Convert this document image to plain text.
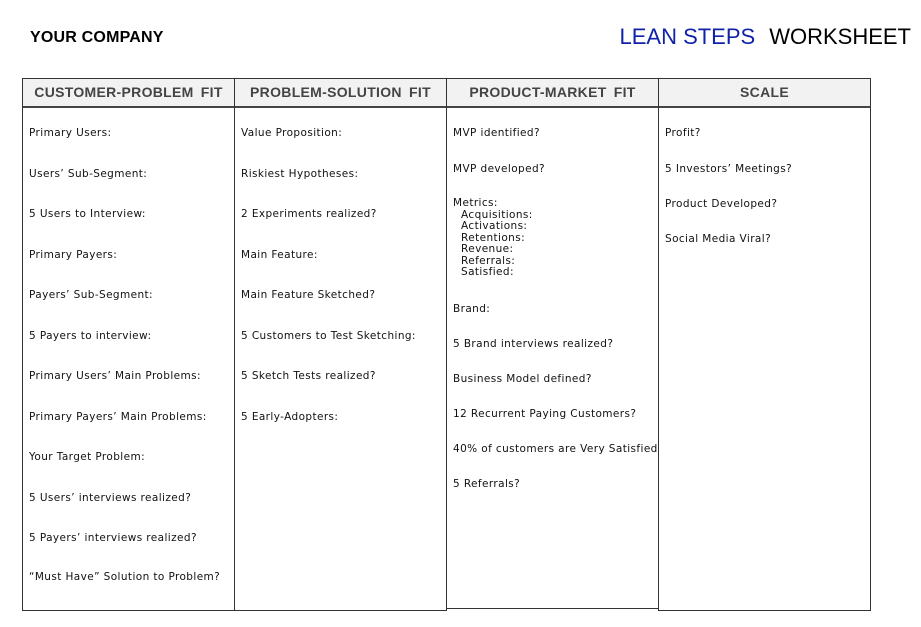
YOUR COMPANY	LEAN STEPS WORKSHEET
CUSTOMER-PROBLEM FIT
Primary Users:
Users’ Sub-Segment:
5 Users to Interview:
Primary Payers:
Payers’ Sub-Segment:
5 Payers to interview:
Primary Users’ Main Problems:
Primary Payers’ Main Problems:
Your Target Problem:
5 Users’ interviews realized?
5 Payers’ interviews realized?
“Must Have” Solution to Problem?
PROBLEM-SOLUTION FIT
Value Proposition:
Riskiest Hypotheses:
2 Experiments realized?
Main Feature:
Main Feature Sketched?
5 Customers to Test Sketching:
5 Sketch Tests realized?
5 Early-Adopters:
PRODUCT-MARKET FIT
MVP identified?
MVP developed?
Metrics:
Acquisitions:
Activations:
Retentions:
Revenue:
Referrals:
Satisfied:
Brand:
5 Brand interviews realized?
Business Model defined?
12 Recurrent Paying Customers?
40% of customers are Very Satisfied
5 Referrals?
SCALE
Profit?
5 Investors’ Meetings?
Product Developed?
Social Media Viral?
